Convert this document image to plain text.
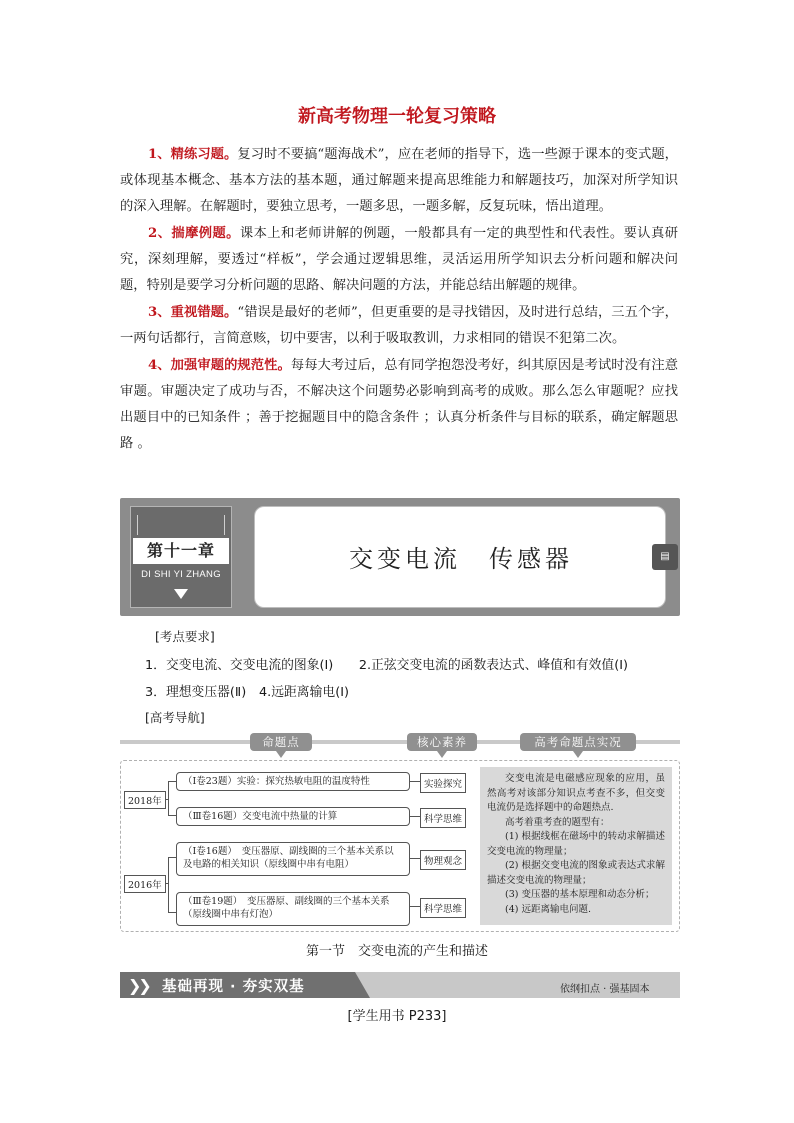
新高考物理一轮复习策略

1、精练习题。复习时不要搞“题海战术”，应在老师的指导下，选一些源于课本的变式题，或体现基本概念、基本方法的基本题，通过解题来提高思维能力和解题技巧，加深对所学知识的深入理解。在解题时，要独立思考，一题多思，一题多解，反复玩味，悟出道理。

2、揣摩例题。课本上和老师讲解的例题，一般都具有一定的典型性和代表性。要认真研究，深刻理解，要透过“样板”，学会通过逻辑思维，灵活运用所学知识去分析问题和解决问题，特别是要学习分析问题的思路、解决问题的方法，并能总结出解题的规律。

3、重视错题。“错误是最好的老师”，但更重要的是寻找错因，及时进行总结，三五个字，一两句话都行，言简意赅，切中要害，以利于吸取教训，力求相同的错误不犯第二次。

4、加强审题的规范性。每每大考过后，总有同学抱怨没考好，纠其原因是考试时没有注意审题。审题决定了成功与否，不解决这个问题势必影响到高考的成败。那么怎么审题呢？应找出题目中的已知条件 ；善于挖掘题目中的隐含条件 ；认真分析条件与目标的联系，确定解题思路 。

第十一章
DI SHI YI ZHANG
交变电流　传感器	▤
[考点要求]
1．交变电流、交变电流的图象(Ⅰ)　　2.正弦交变电流的函数表达式、峰值和有效值(Ⅰ)
3．理想变压器(Ⅱ)　4.远距离输电(Ⅰ)
[高考导航]
命题点	核心素养	高考命题点实况
2018年
2016年
（Ⅰ卷23题）实验：探究热敏电阻的温度特性
（Ⅲ卷16题）交变电流中热量的计算
（Ⅰ卷16题）　变压器原、副线圈的三个基本关系以及电路的相关知识（原线圈中串有电阻）
（Ⅲ卷19题）　变压器原、副线圈的三个基本关系（原线圈中串有灯泡）
实验探究
科学思维
物理观念
科学思维

交变电流是电磁感应现象的应用，虽然高考对该部分知识点考查不多，但交变电流仍是选择题中的命题热点.

高考着重考查的题型有：

(1) 根据线框在磁场中的转动求解描述交变电流的物理量；

(2) 根据交变电流的图象或表达式求解描述交变电流的物理量；

(3) 变压器的基本原理和动态分析；

(4) 远距离输电问题.

第一节　交变电流的产生和描述
❯❯ 基础再现 · 夯实双基	依纲扣点 · 强基固本
[学生用书 P233]
